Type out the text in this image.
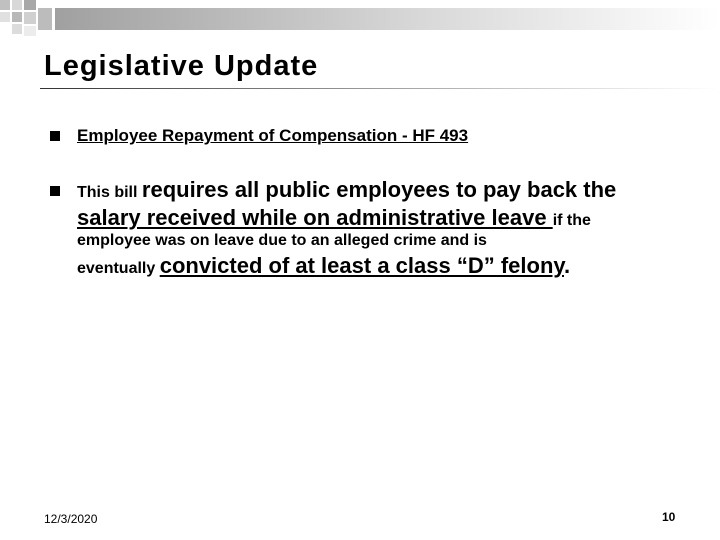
Legislative Update
Employee Repayment of Compensation - HF 493
This bill requires all public employees to pay back the
salary received while on administrative leave if the
employee was on leave due to an alleged crime and is
eventually convicted of at least a class “D” felony.
12/3/2020	10
